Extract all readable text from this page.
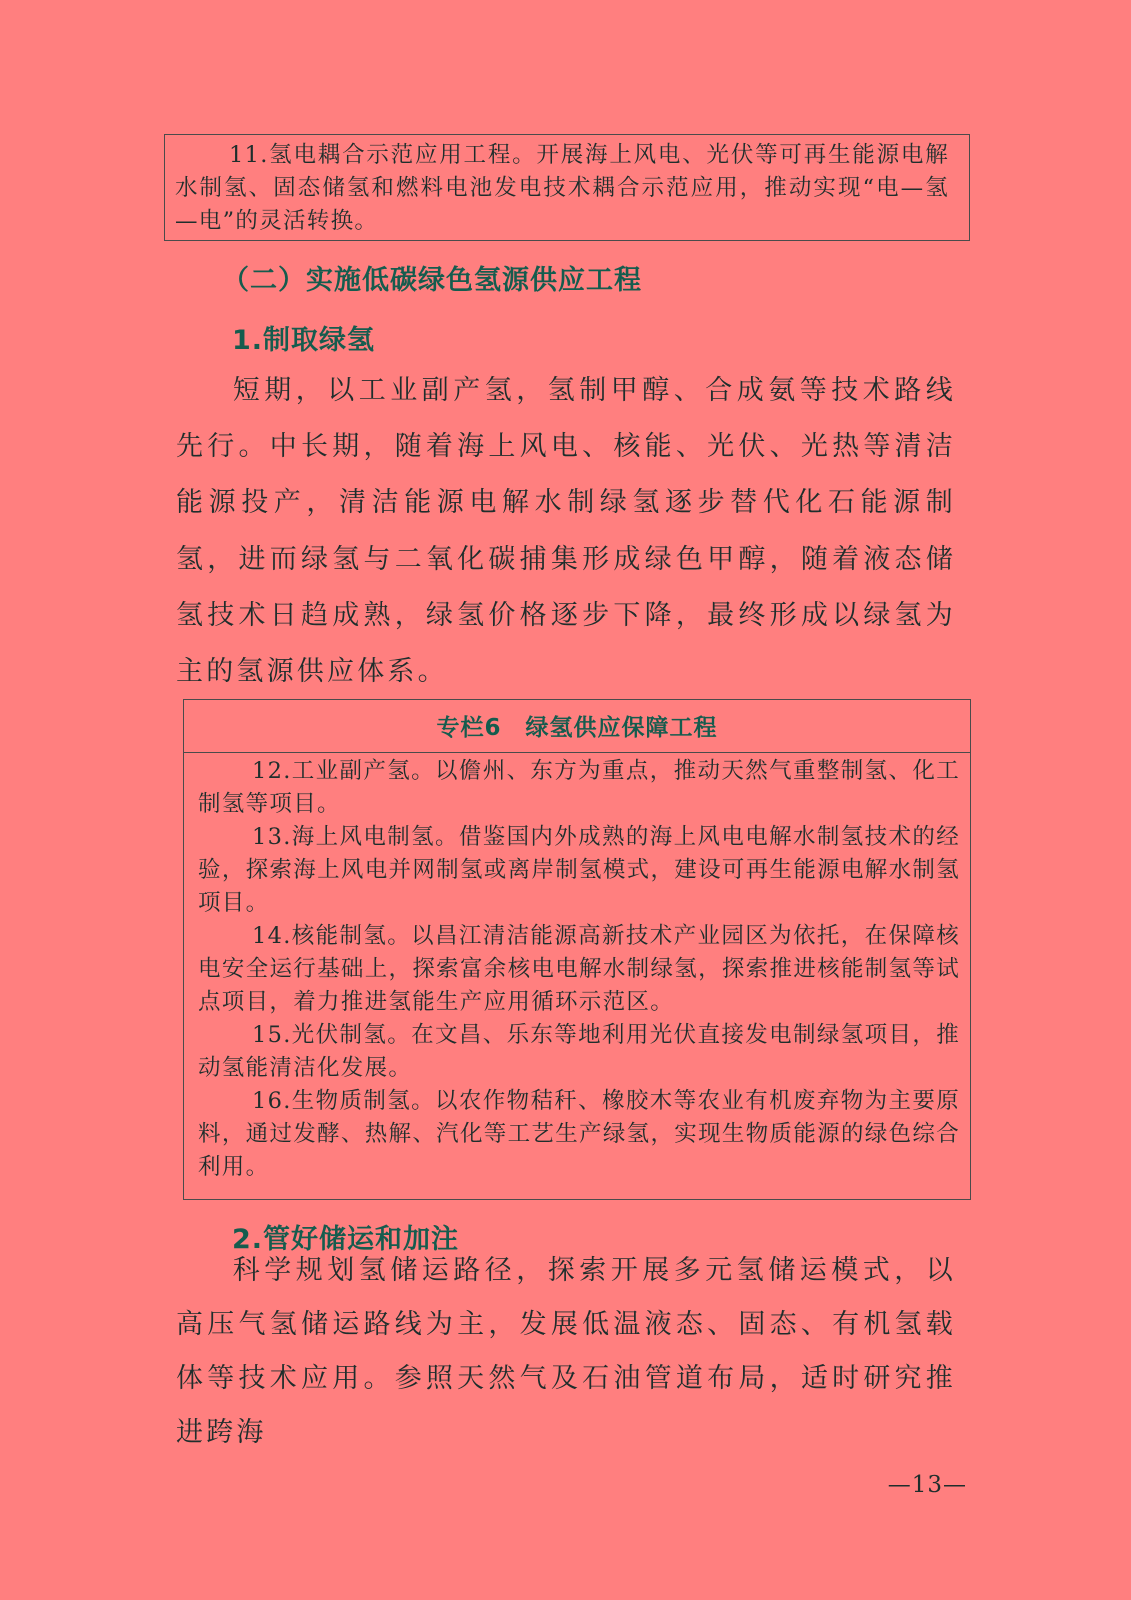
11.氢电耦合示范应用工程。开展海上风电、光伏等可再生能源电解水制氢、固态储氢和燃料电池发电技术耦合示范应用，推动实现“电—氢—电”的灵活转换。

（二）实施低碳绿色氢源供应工程
1.制取绿氢

短期，以工业副产氢，氢制甲醇、合成氨等技术路线先行。中长期，随着海上风电、核能、光伏、光热等清洁能源投产，清洁能源电解水制绿氢逐步替代化石能源制氢，进而绿氢与二氧化碳捕集形成绿色甲醇，随着液态储氢技术日趋成熟，绿氢价格逐步下降，最终形成以绿氢为主的氢源供应体系。

专栏6　绿氢供应保障工程

12.工业副产氢。以儋州、东方为重点，推动天然气重整制氢、化工制氢等项目。

13.海上风电制氢。借鉴国内外成熟的海上风电电解水制氢技术的经验，探索海上风电并网制氢或离岸制氢模式，建设可再生能源电解水制氢项目。

14.核能制氢。以昌江清洁能源高新技术产业园区为依托，在保障核电安全运行基础上，探索富余核电电解水制绿氢，探索推进核能制氢等试点项目，着力推进氢能生产应用循环示范区。

15.光伏制氢。在文昌、乐东等地利用光伏直接发电制绿氢项目，推动氢能清洁化发展。

16.生物质制氢。以农作物秸秆、橡胶木等农业有机废弃物为主要原料，通过发酵、热解、汽化等工艺生产绿氢，实现生物质能源的绿色综合利用。

2.管好储运和加注

科学规划氢储运路径，探索开展多元氢储运模式，以高压气氢储运路线为主，发展低温液态、固态、有机氢载体等技术应用。参照天然气及石油管道布局，适时研究推进跨海

—13—
